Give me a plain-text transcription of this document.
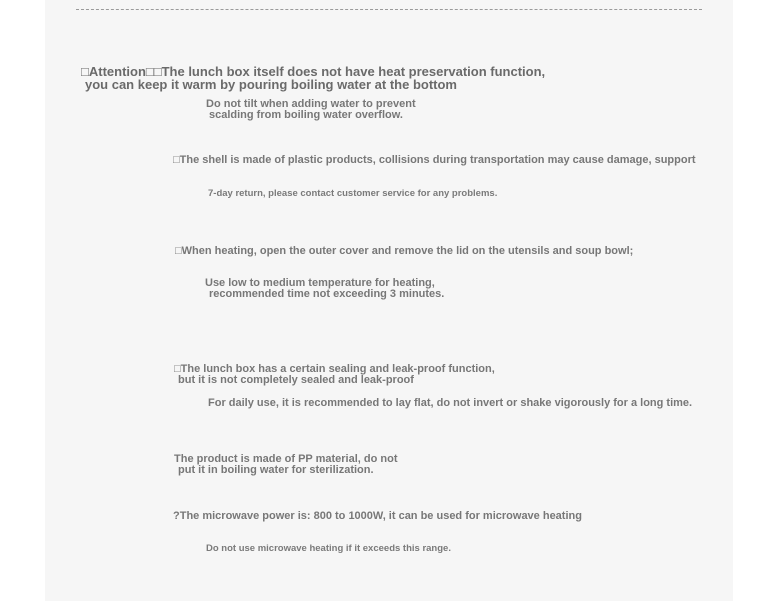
□Attention□□The lunch box itself does not have heat preservation function,

you can keep it warm by pouring boiling water at the bottom

Do not tilt when adding water to prevent

scalding from boiling water overflow.

□The shell is made of plastic products, collisions during transportation may cause damage, support

7-day return, please contact customer service for any problems.

□When heating, open the outer cover and remove the lid on the utensils and soup bowl;

Use low to medium temperature for heating,

recommended time not exceeding 3 minutes.

□The lunch box has a certain sealing and leak-proof function,

but it is not completely sealed and leak-proof

For daily use, it is recommended to lay flat, do not invert or shake vigorously for a long time.

The product is made of PP material, do not

put it in boiling water for sterilization.

?The microwave power is: 800 to 1000W, it can be used for microwave heating

Do not use microwave heating if it exceeds this range.
